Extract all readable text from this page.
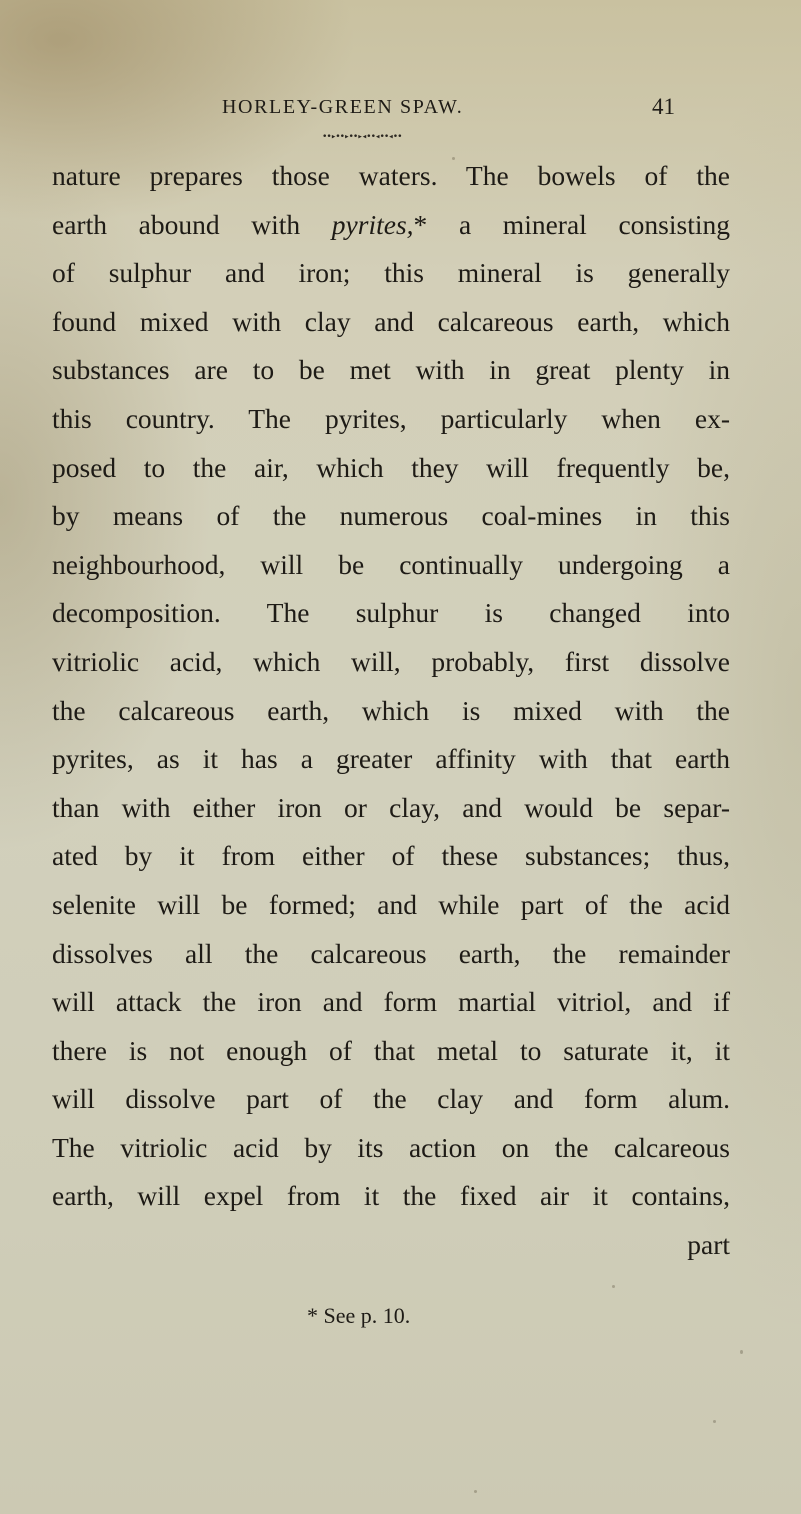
HORLEY-GREEN SPAW.	41
••▸••▸••▸◂••◂••◂••
nature prepares those waters. The bowels of the
earth abound with pyrites,* a mineral consisting
of sulphur and iron; this mineral is generally
found mixed with clay and calcareous earth, which
substances are to be met with in great plenty in
this country. The pyrites, particularly when ex-
posed to the air, which they will frequently be,
by means of the numerous coal-mines in this
neighbourhood, will be continually undergoing a
decomposition. The sulphur is changed into
vitriolic acid, which will, probably, first dissolve
the calcareous earth, which is mixed with the
pyrites, as it has a greater affinity with that earth
than with either iron or clay, and would be separ-
ated by it from either of these substances; thus,
selenite will be formed; and while part of the acid
dissolves all the calcareous earth, the remainder
will attack the iron and form martial vitriol, and if
there is not enough of that metal to saturate it, it
will dissolve part of the clay and form alum.
The vitriolic acid by its action on the calcareous
earth, will expel from it the fixed air it contains,
part
* See p. 10.
